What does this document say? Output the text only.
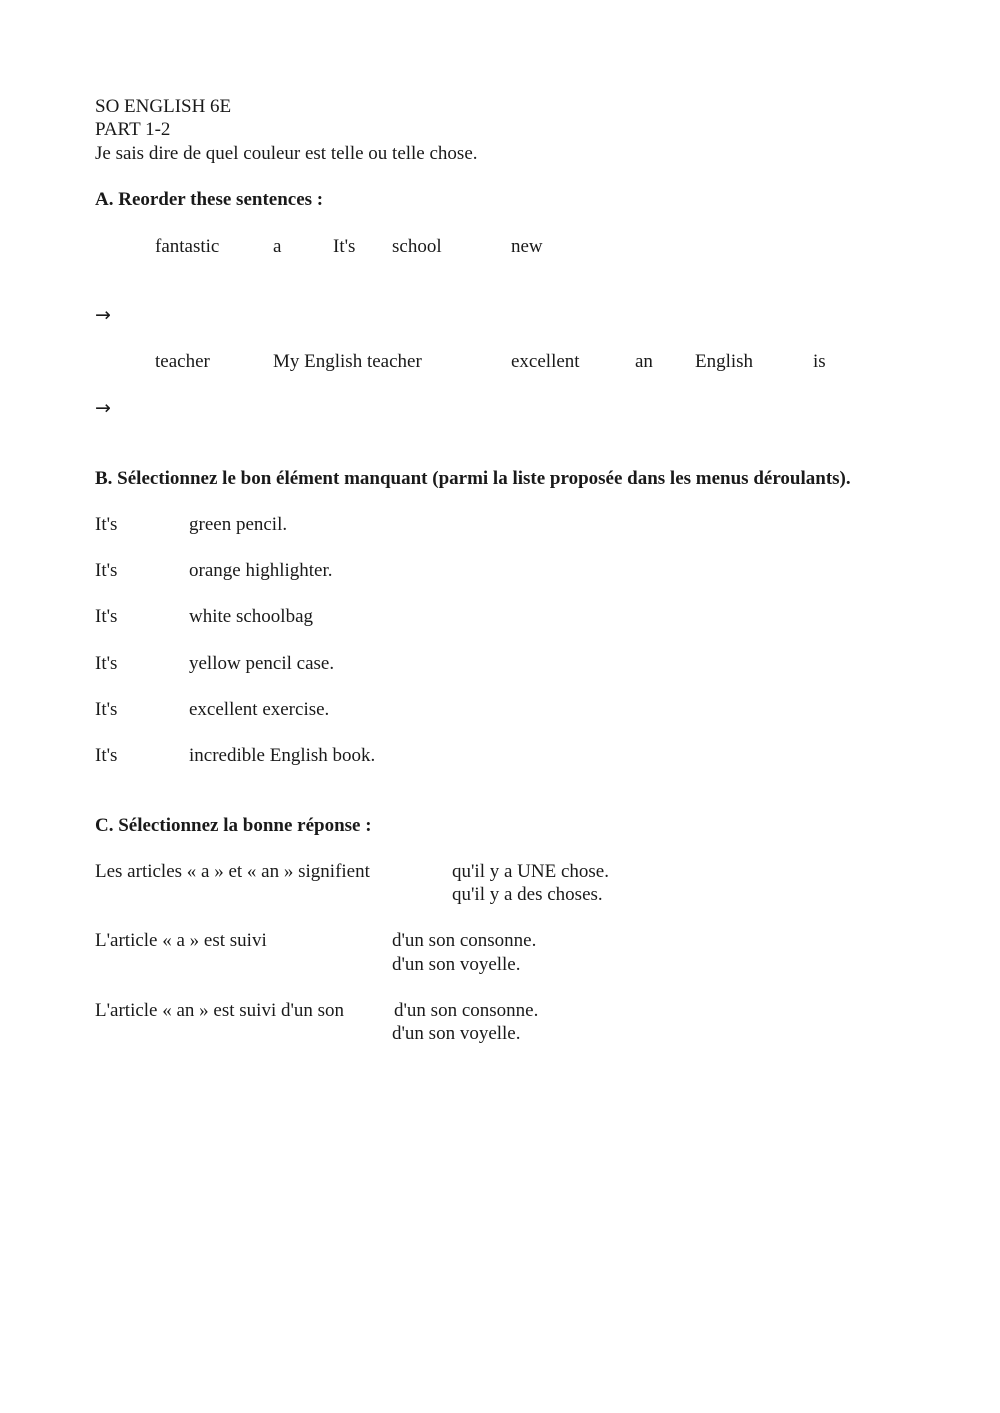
SO ENGLISH 6E
PART 1-2
Je sais dire de quel couleur est telle ou telle chose.
A. Reorder these sentences :
fantastic	a	It's school	new
→
teacher	My English teacher	excellent	an English	is
→
B. Sélectionnez le bon élément manquant (parmi la liste proposée dans les menus déroulants).
It's	green pencil.
It's	orange highlighter.
It's	white schoolbag
It's	yellow pencil case.
It's	excellent exercise.
It's	incredible English book.
C. Sélectionnez la bonne réponse :
Les articles « a » et « an » signifient	qu'il y a UNE chose.
qu'il y a des choses.
L'article « a » est suivi	d'un son consonne.
d'un son voyelle.
L'article « an » est suivi d'un son	d'un son consonne.
d'un son voyelle.
